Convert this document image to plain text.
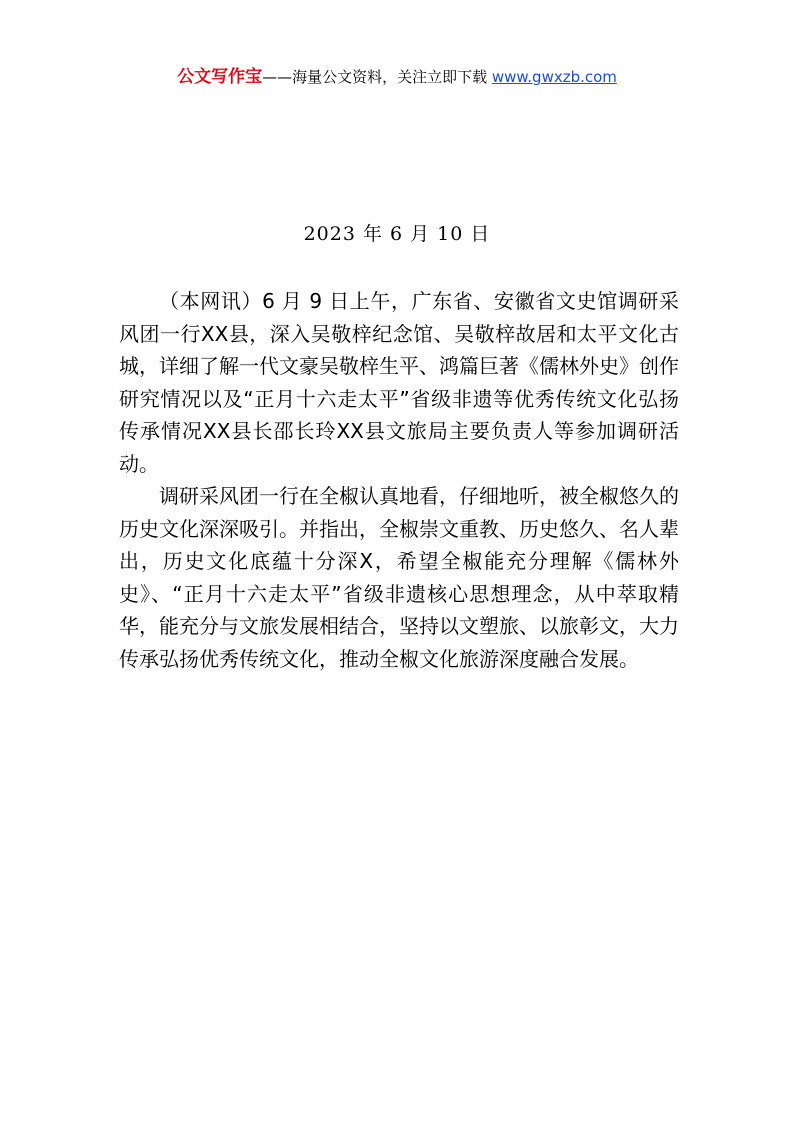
公文写作宝——海量公文资料，关注立即下载 www.gwxzb.com
2023 年 6 月 10 日

（本网讯）6 月 9 日上午，广东省、安徽省文史馆调研采风团一行XX县，深入吴敬梓纪念馆、吴敬梓故居和太平文化古城，详细了解一代文豪吴敬梓生平、鸿篇巨著《儒林外史》创作研究情况以及“正月十六走太平”省级非遗等优秀传统文化弘扬传承情况XX县长邵长玲XX县文旅局主要负责人等参加调研活动。

调研采风团一行在全椒认真地看，仔细地听，被全椒悠久的历史文化深深吸引。并指出，全椒崇文重教、历史悠久、名人辈出，历史文化底蕴十分深X，希望全椒能充分理解《儒林外史》、“正月十六走太平”省级非遗核心思想理念，从中萃取精华，能充分与文旅发展相结合，坚持以文塑旅、以旅彰文，大力传承弘扬优秀传统文化，推动全椒文化旅游深度融合发展。
